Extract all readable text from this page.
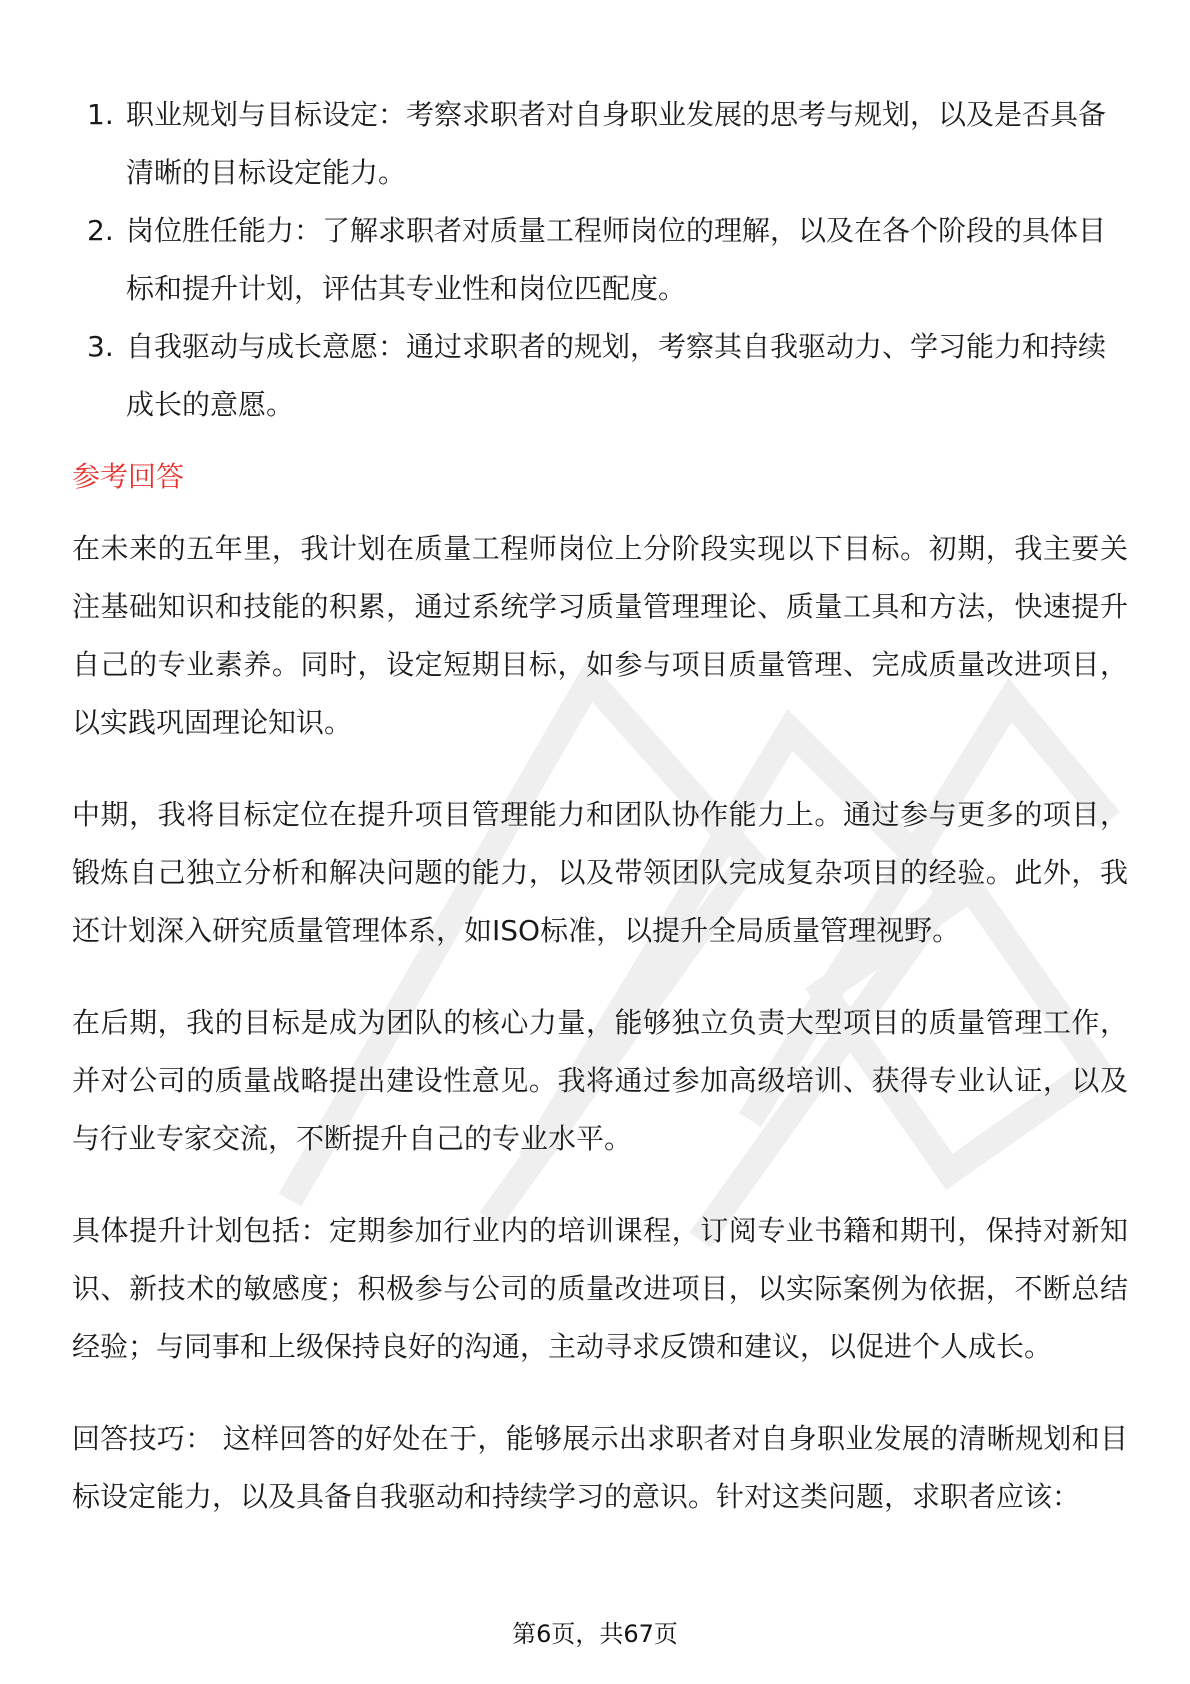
1. 职业规划与目标设定：考察求职者对自身职业发展的思考与规划，以及是否具备清晰的目标设定能力。
2. 岗位胜任能力：了解求职者对质量工程师岗位的理解，以及在各个阶段的具体目标和提升计划，评估其专业性和岗位匹配度。
3. 自我驱动与成长意愿：通过求职者的规划，考察其自我驱动力、学习能力和持续成长的意愿。
参考回答

在未来的五年里，我计划在质量工程师岗位上分阶段实现以下目标。初期，我主要关注基础知识和技能的积累，通过系统学习质量管理理论、质量工具和方法，快速提升自己的专业素养。同时，设定短期目标，如参与项目质量管理、完成质量改进项目，以实践巩固理论知识。

中期，我将目标定位在提升项目管理能力和团队协作能力上。通过参与更多的项目，锻炼自己独立分析和解决问题的能力，以及带领团队完成复杂项目的经验。此外，我还计划深入研究质量管理体系，如ISO标准，以提升全局质量管理视野。

在后期，我的目标是成为团队的核心力量，能够独立负责大型项目的质量管理工作，并对公司的质量战略提出建设性意见。我将通过参加高级培训、获得专业认证，以及与行业专家交流，不断提升自己的专业水平。

具体提升计划包括：定期参加行业内的培训课程，订阅专业书籍和期刊，保持对新知识、新技术的敏感度；积极参与公司的质量改进项目，以实际案例为依据，不断总结经验；与同事和上级保持良好的沟通，主动寻求反馈和建议，以促进个人成长。

回答技巧： 这样回答的好处在于，能够展示出求职者对自身职业发展的清晰规划和目标设定能力，以及具备自我驱动和持续学习的意识。针对这类问题，求职者应该：

第6页，共67页
